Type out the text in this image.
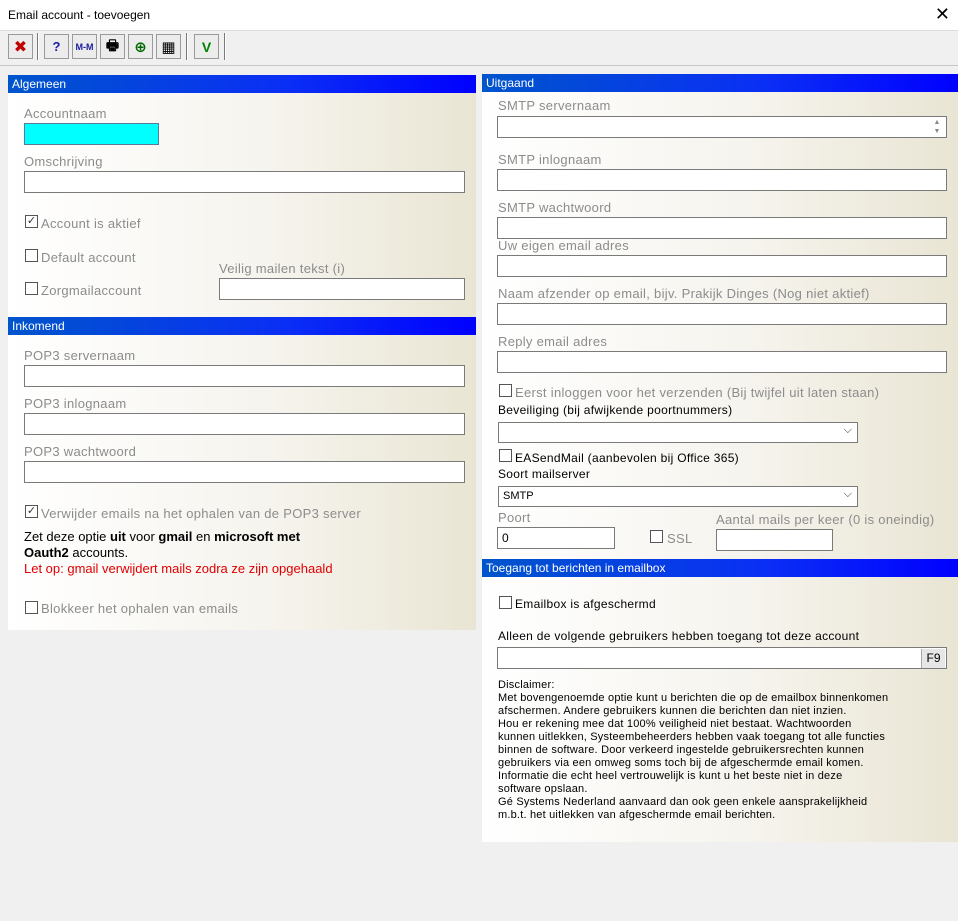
Email account - toevoegen	✕
✖ ? M-M 🖶 ⊕ ▦ V
Algemeen
Accountnaam
Omschrijving
✓ Account is aktief
Default account
Veilig mailen tekst (i)
Zorgmailaccount
Inkomend
POP3 servernaam
POP3 inlognaam
POP3 wachtwoord
✓ Verwijder emails na het ophalen van de POP3 server
Zet deze optie uit voor gmail en microsoft met
Oauth2 accounts.
Let op: gmail verwijdert mails zodra ze zijn opgehaald
Blokkeer het ophalen van emails
Uitgaand
SMTP servernaam
▲
▼
SMTP inlognaam
SMTP wachtwoord
Uw eigen email adres
Naam afzender op email, bijv. Prakijk Dinges (Nog niet aktief)
Reply email adres
Eerst inloggen voor het verzenden (Bij twijfel uit laten staan)
Beveiliging (bij afwijkende poortnummers)
⌵
EASendMail (aanbevolen bij Office 365)
Soort mailserver
SMTP	⌵
Poort
0	SSL
Aantal mails per keer (0 is oneindig)
Toegang tot berichten in emailbox
Emailbox is afgeschermd
Alleen de volgende gebruikers hebben toegang tot deze account
F9
Disclaimer:
Met bovengenoemde optie kunt u berichten die op de emailbox binnenkomen
afschermen. Andere gebruikers kunnen die berichten dan niet inzien.
Hou er rekening mee dat 100% veiligheid niet bestaat. Wachtwoorden
kunnen uitlekken, Systeembeheerders hebben vaak toegang tot alle functies
binnen de software. Door verkeerd ingestelde gebruikersrechten kunnen
gebruikers via een omweg soms toch bij de afgeschermde email komen.
Informatie die echt heel vertrouwelijk is kunt u het beste niet in deze
software opslaan.
Gé Systems Nederland aanvaard dan ook geen enkele aansprakelijkheid
m.b.t. het uitlekken van afgeschermde email berichten.
